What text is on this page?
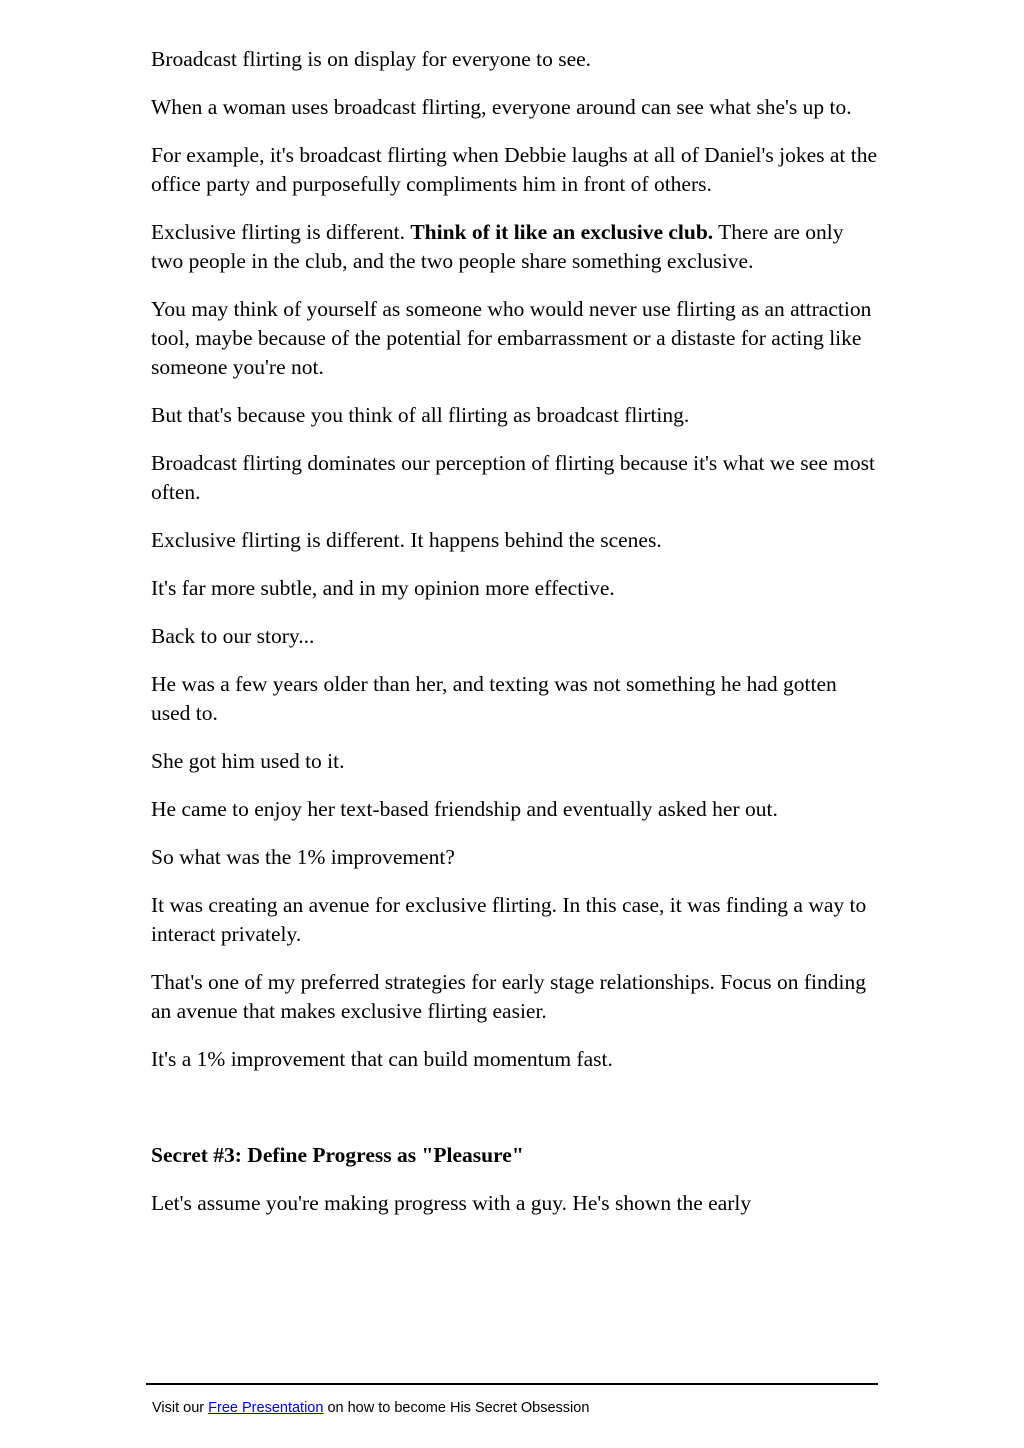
Broadcast flirting is on display for everyone to see.

When a woman uses broadcast flirting, everyone around can see what she's up to.

For example, it's broadcast flirting when Debbie laughs at all of Daniel's jokes at the office party and purposefully compliments him in front of others.

Exclusive flirting is different. Think of it like an exclusive club. There are only two people in the club, and the two people share something exclusive.

You may think of yourself as someone who would never use flirting as an attraction tool, maybe because of the potential for embarrassment or a distaste for acting like someone you're not.

But that's because you think of all flirting as broadcast flirting.

Broadcast flirting dominates our perception of flirting because it's what we see most often.

Exclusive flirting is different. It happens behind the scenes.

It's far more subtle, and in my opinion more effective.

Back to our story...

He was a few years older than her, and texting was not something he had gotten used to.

She got him used to it.

He came to enjoy her text-based friendship and eventually asked her out.

So what was the 1% improvement?

It was creating an avenue for exclusive flirting. In this case, it was finding a way to interact privately.

That's one of my preferred strategies for early stage relationships. Focus on finding an avenue that makes exclusive flirting easier.

It's a 1% improvement that can build momentum fast.

Secret #3: Define Progress as "Pleasure"

Let's assume you're making progress with a guy. He's shown the early

Visit our Free Presentation on how to become His Secret Obsession
